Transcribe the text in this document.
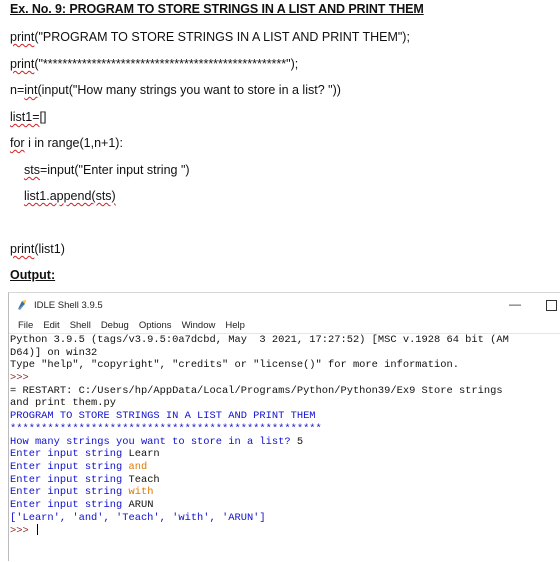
Ex. No. 9: PROGRAM TO STORE STRINGS IN A LIST AND PRINT THEM
print("PROGRAM TO STORE STRINGS IN A LIST AND PRINT THEM");
print("**************************************************");
n=int(input("How many strings you want to store in a list? "))
list1=[]
for i in range(1,n+1):
sts=input("Enter input string ")
list1.append(sts)
print(list1)
Output:
IDLE Shell 3.9.5	—
File Edit Shell Debug Options Window Help
Python 3.9.5 (tags/v3.9.5:0a7dcbd, May  3 2021, 17:27:52) [MSC v.1928 64 bit (AM
D64)] on win32
Type "help", "copyright", "credits" or "license()" for more information.
>>>
= RESTART: C:/Users/hp/AppData/Local/Programs/Python/Python39/Ex9 Store strings
and print them.py
PROGRAM TO STORE STRINGS IN A LIST AND PRINT THEM
**************************************************
How many strings you want to store in a list? 5
Enter input string Learn
Enter input string and
Enter input string Teach
Enter input string with
Enter input string ARUN
['Learn', 'and', 'Teach', 'with', 'ARUN']
>>>
